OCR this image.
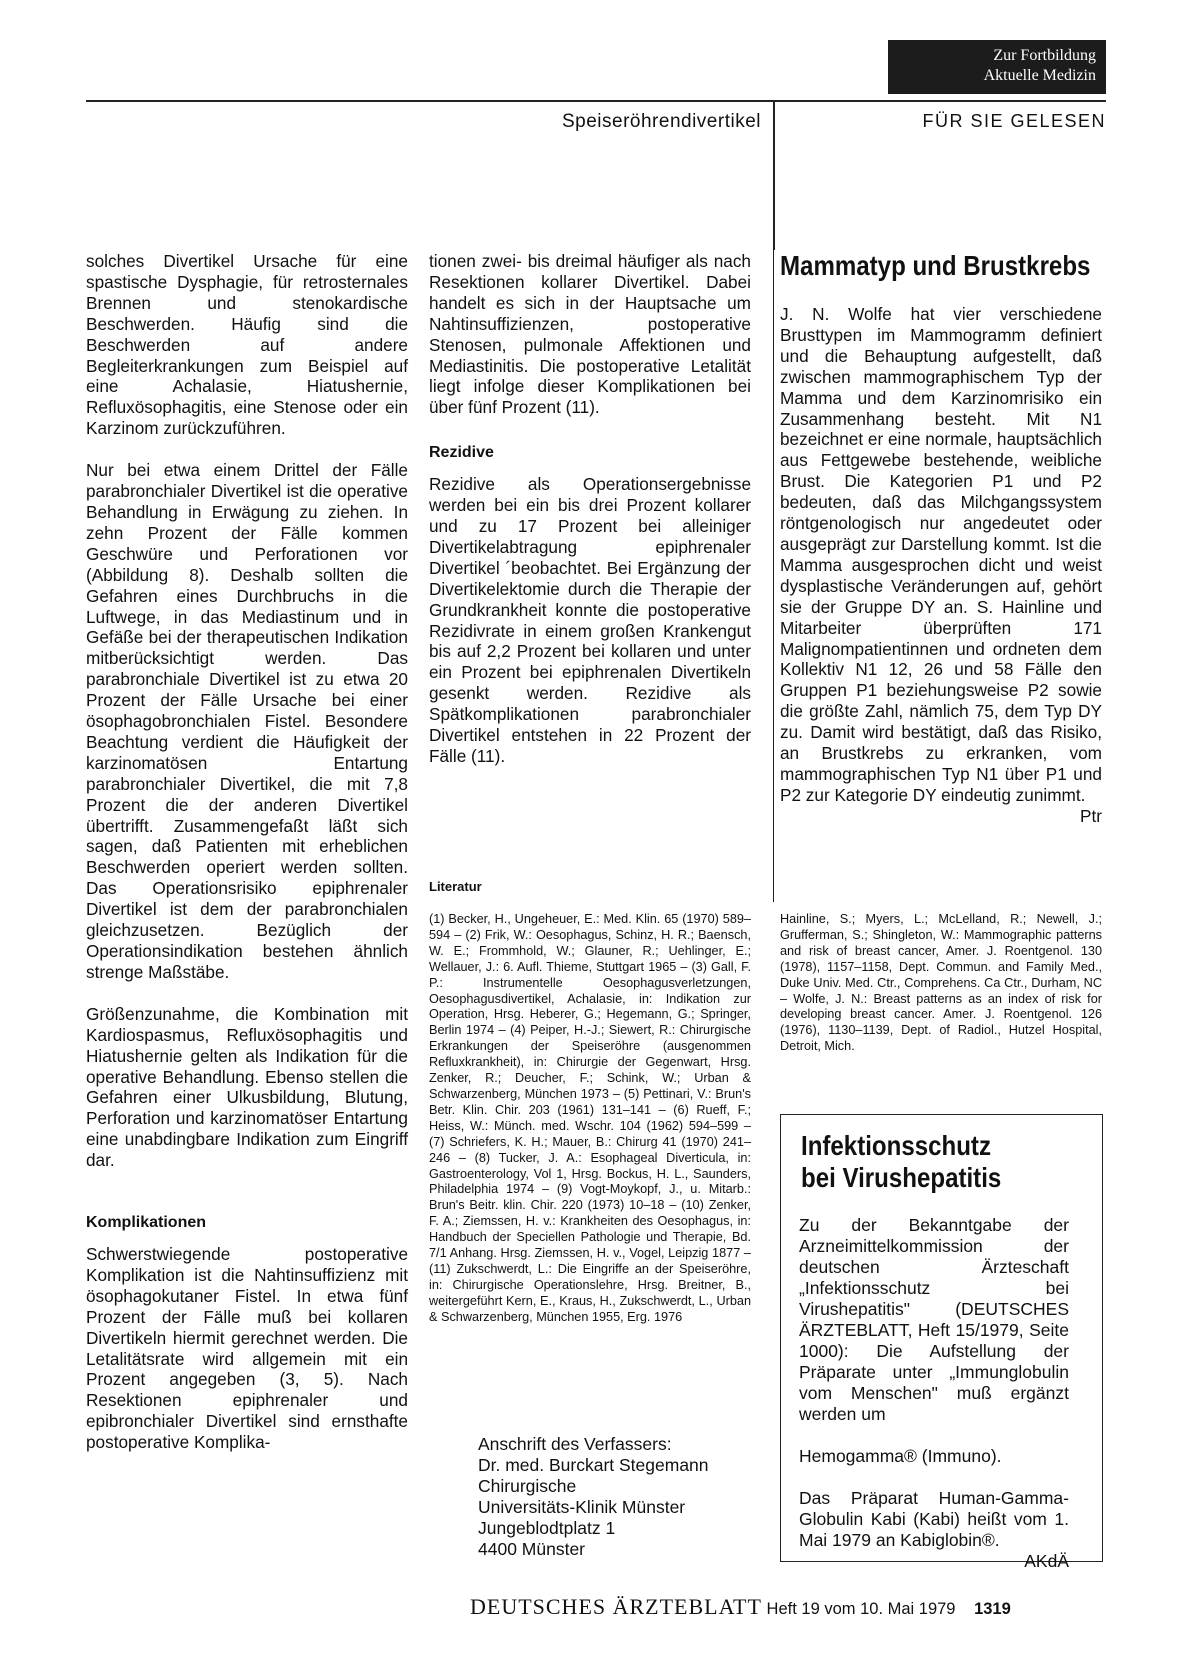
Zur Fortbildung
Aktuelle Medizin
Speiseröhrendivertikel	FÜR SIE GELESEN

solches Divertikel Ursache für eine spastische Dysphagie, für retrosternales Brennen und stenokardische Beschwerden. Häufig sind die Beschwerden auf andere Begleiterkrankungen zum Beispiel auf eine Achalasie, Hiatushernie, Refluxösophagitis, eine Stenose oder ein Karzinom zurückzuführen.

Nur bei etwa einem Drittel der Fälle parabronchialer Divertikel ist die operative Behandlung in Erwägung zu ziehen. In zehn Prozent der Fälle kommen Geschwüre und Perforationen vor (Abbildung 8). Deshalb sollten die Gefahren eines Durchbruchs in die Luftwege, in das Mediastinum und in Gefäße bei der therapeutischen Indikation mitberücksichtigt werden. Das parabronchiale Divertikel ist zu etwa 20 Prozent der Fälle Ursache bei einer ösophagobronchialen Fistel. Besondere Beachtung verdient die Häufigkeit der karzinomatösen Entartung parabronchialer Divertikel, die mit 7,8 Prozent die der anderen Divertikel übertrifft. Zusammengefaßt läßt sich sagen, daß Patienten mit erheblichen Beschwerden operiert werden sollten. Das Operationsrisiko epiphrenaler Divertikel ist dem der parabronchialen gleichzusetzen. Bezüglich der Operationsindikation bestehen ähnlich strenge Maßstäbe.

Größenzunahme, die Kombination mit Kardiospasmus, Refluxösophagitis und Hiatushernie gelten als Indikation für die operative Behandlung. Ebenso stellen die Gefahren einer Ulkusbildung, Blutung, Perforation und karzinomatöser Entartung eine unabdingbare Indikation zum Eingriff dar.

Komplikationen

Schwerstwiegende postoperative Komplikation ist die Nahtinsuffizienz mit ösophagokutaner Fistel. In etwa fünf Prozent der Fälle muß bei kollaren Divertikeln hiermit gerechnet werden. Die Letalitätsrate wird allgemein mit ein Prozent angegeben (3, 5). Nach Resektionen epiphrenaler und epibronchialer Divertikel sind ernsthafte postoperative Komplika-

tionen zwei- bis dreimal häufiger als nach Resektionen kollarer Divertikel. Dabei handelt es sich in der Hauptsache um Nahtinsuffizienzen, postoperative Stenosen, pulmonale Affektionen und Mediastinitis. Die postoperative Letalität liegt infolge dieser Komplikationen bei über fünf Prozent (11).

Rezidive

Rezidive als Operationsergebnisse werden bei ein bis drei Prozent kollarer und zu 17 Prozent bei alleiniger Divertikelabtragung epiphrenaler Divertikel ´beobachtet. Bei Ergänzung der Divertikelektomie durch die Therapie der Grundkrankheit konnte die postoperative Rezidivrate in einem großen Krankengut bis auf 2,2 Prozent bei kollaren und unter ein Prozent bei epiphrenalen Divertikeln gesenkt werden. Rezidive als Spätkomplikationen parabronchialer Divertikel entstehen in 22 Prozent der Fälle (11).

Literatur
(1) Becker, H., Ungeheuer, E.: Med. Klin. 65 (1970) 589–594 – (2) Frik, W.: Oesophagus, Schinz, H. R.; Baensch, W. E.; Frommhold, W.; Glauner, R.; Uehlinger, E.; Wellauer, J.: 6. Aufl. Thieme, Stuttgart 1965 – (3) Gall, F. P.: Instrumentelle Oesophagusverletzungen, Oesophagusdivertikel, Achalasie, in: Indikation zur Operation, Hrsg. Heberer, G.; Hegemann, G.; Springer, Berlin 1974 – (4) Peiper, H.-J.; Siewert, R.: Chirurgische Erkrankungen der Speiseröhre (ausgenommen Refluxkrankheit), in: Chirurgie der Gegenwart, Hrsg. Zenker, R.; Deucher, F.; Schink, W.; Urban & Schwarzenberg, München 1973 – (5) Pettinari, V.: Brun's Betr. Klin. Chir. 203 (1961) 131–141 – (6) Rueff, F.; Heiss, W.: Münch. med. Wschr. 104 (1962) 594–599 – (7) Schriefers, K. H.; Mauer, B.: Chirurg 41 (1970) 241–246 – (8) Tucker, J. A.: Esophageal Diverticula, in: Gastroenterology, Vol 1, Hrsg. Bockus, H. L., Saunders, Philadelphia 1974 – (9) Vogt-Moykopf, J., u. Mitarb.: Brun's Beitr. klin. Chir. 220 (1973) 10–18 – (10) Zenker, F. A.; Ziemssen, H. v.: Krankheiten des Oesophagus, in: Handbuch der Speciellen Pathologie und Therapie, Bd. 7/1 Anhang. Hrsg. Ziemssen, H. v., Vogel, Leipzig 1877 – (11) Zukschwerdt, L.: Die Eingriffe an der Speiseröhre, in: Chirurgische Operationslehre, Hrsg. Breitner, B., weitergeführt Kern, E., Kraus, H., Zukschwerdt, L., Urban & Schwarzenberg, München 1955, Erg. 1976
Anschrift des Verfassers:
Dr. med. Burckart Stegemann
Chirurgische
Universitäts-Klinik Münster
Jungeblodtplatz 1
4400 Münster
Mammatyp und Brustkrebs

J. N. Wolfe hat vier verschiedene Brusttypen im Mammogramm definiert und die Behauptung aufgestellt, daß zwischen mammographischem Typ der Mamma und dem Karzinomrisiko ein Zusammenhang besteht. Mit N1 bezeichnet er eine normale, hauptsächlich aus Fettgewebe bestehende, weibliche Brust. Die Kategorien P1 und P2 bedeuten, daß das Milchgangssystem röntgenologisch nur angedeutet oder ausgeprägt zur Darstellung kommt. Ist die Mamma ausgesprochen dicht und weist dysplastische Veränderungen auf, gehört sie der Gruppe DY an. S. Hainline und Mitarbeiter überprüften 171 Malignompatientinnen und ordneten dem Kollektiv N1 12, 26 und 58 Fälle den Gruppen P1 beziehungsweise P2 sowie die größte Zahl, nämlich 75, dem Typ DY zu. Damit wird bestätigt, daß das Risiko, an Brustkrebs zu erkranken, vom mammographischen Typ N1 über P1 und P2 zur Kategorie DY eindeutig zunimmt.
Ptr

Hainline, S.; Myers, L.; McLelland, R.; Newell, J.; Grufferman, S.; Shingleton, W.: Mammographic patterns and risk of breast cancer, Amer. J. Roentgenol. 130 (1978), 1157–1158, Dept. Commun. and Family Med., Duke Univ. Med. Ctr., Comprehens. Ca Ctr., Durham, NC – Wolfe, J. N.: Breast patterns as an index of risk for developing breast cancer. Amer. J. Roentgenol. 126 (1976), 1130–1139, Dept. of Radiol., Hutzel Hospital, Detroit, Mich.
Infektionsschutz
bei Virushepatitis

Zu der Bekanntgabe der Arzneimittelkommission der deutschen Ärzteschaft „Infektionsschutz bei Virushepatitis" (DEUTSCHES ÄRZTEBLATT, Heft 15/1979, Seite 1000): Die Aufstellung der Präparate unter „Immunglobulin vom Menschen" muß ergänzt werden um

Hemogamma® (Immuno).

Das Präparat Human-Gamma-Globulin Kabi (Kabi) heißt vom 1. Mai 1979 an Kabiglobin®.

AKdÄ
DEUTSCHES ÄRZTEBLATT Heft 19 vom 10. Mai 1979 1319
